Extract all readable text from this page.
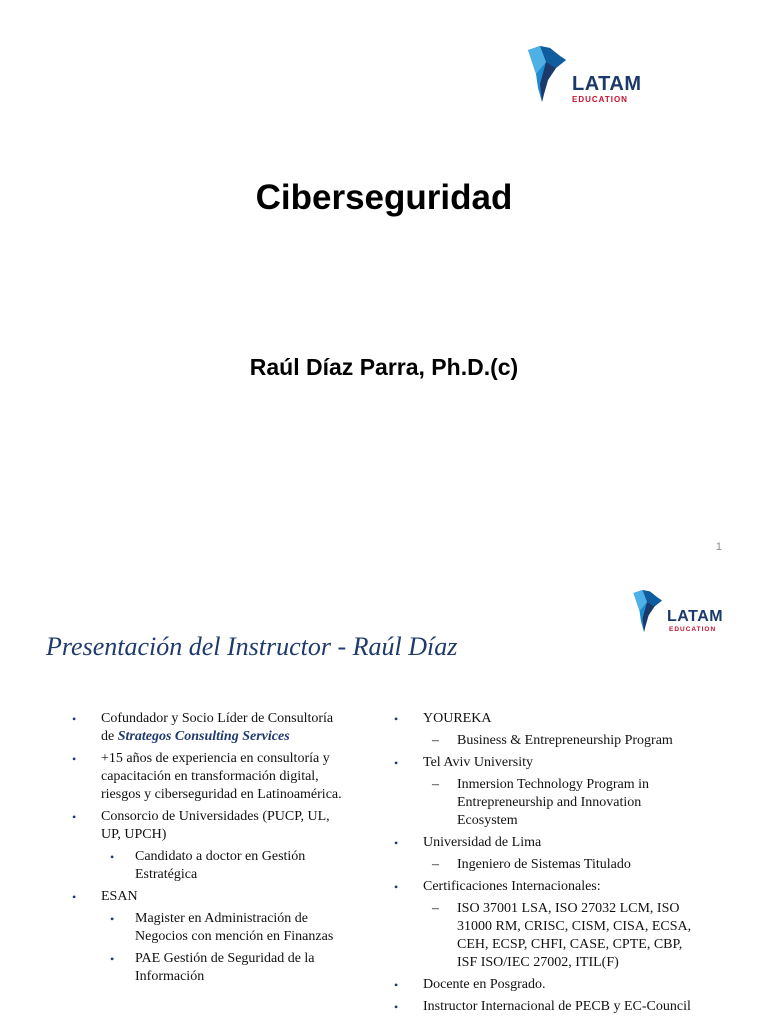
LATAM
EDUCATION
Ciberseguridad
Raúl Díaz Parra, Ph.D.(c)
1
LATAM
EDUCATION
Presentación del Instructor - Raúl Díaz
• Cofundador y Socio Líder de Consultoría de Strategos Consulting Services
• +15 años de experiencia en consultoría y capacitación en transformación digital, riesgos y ciberseguridad en Latinoamérica.
• Consorcio de Universidades (PUCP, UL, UP, UPCH)
• Candidato a doctor en Gestión Estratégica
• ESAN
• Magister en Administración de Negocios con mención en Finanzas
• PAE Gestión de Seguridad de la Información
• YOUREKA
– Business & Entrepreneurship Program
• Tel Aviv University
– Inmersion Technology Program in Entrepreneurship and Innovation Ecosystem
• Universidad de Lima
– Ingeniero de Sistemas Titulado
• Certificaciones Internacionales:
– ISO 37001 LSA, ISO 27032 LCM, ISO 31000 RM, CRISC, CISM, CISA, ECSA, CEH, ECSP, CHFI, CASE, CPTE, CBP, ISF ISO/IEC 27002, ITIL(F)
• Docente en Posgrado.
• Instructor Internacional de PECB y EC-Council
